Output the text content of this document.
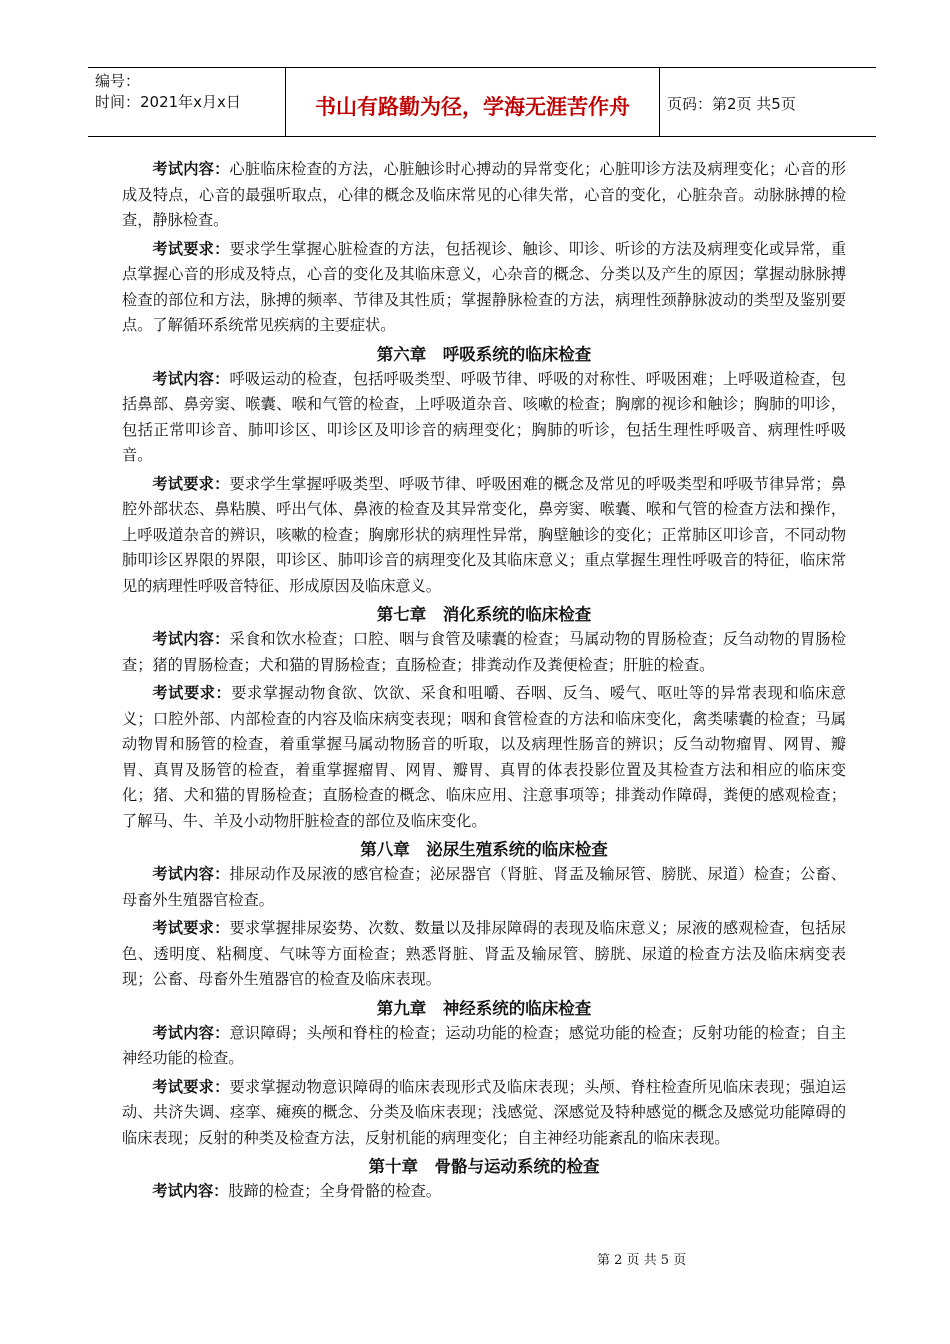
编号：
时间：2021年x月x日	书山有路勤为径，学海无涯苦作舟	页码：第2页 共5页

考试内容：心脏临床检查的方法，心脏触诊时心搏动的异常变化；心脏叩诊方法及病理变化；心音的形成及特点，心音的最强听取点，心律的概念及临床常见的心律失常，心音的变化，心脏杂音。动脉脉搏的检查，静脉检查。

考试要求：要求学生掌握心脏检查的方法，包括视诊、触诊、叩诊、听诊的方法及病理变化或异常，重点掌握心音的形成及特点，心音的变化及其临床意义，心杂音的概念、分类以及产生的原因；掌握动脉脉搏检查的部位和方法，脉搏的频率、节律及其性质；掌握静脉检查的方法，病理性颈静脉波动的类型及鉴别要点。了解循环系统常见疾病的主要症状。

第六章　呼吸系统的临床检查

考试内容：呼吸运动的检查，包括呼吸类型、呼吸节律、呼吸的对称性、呼吸困难；上呼吸道检查，包括鼻部、鼻旁窦、喉囊、喉和气管的检查，上呼吸道杂音、咳嗽的检查；胸廓的视诊和触诊；胸肺的叩诊，包括正常叩诊音、肺叩诊区、叩诊区及叩诊音的病理变化；胸肺的听诊，包括生理性呼吸音、病理性呼吸音。

考试要求：要求学生掌握呼吸类型、呼吸节律、呼吸困难的概念及常见的呼吸类型和呼吸节律异常；鼻腔外部状态、鼻粘膜、呼出气体、鼻液的检查及其异常变化，鼻旁窦、喉囊、喉和气管的检查方法和操作，上呼吸道杂音的辨识，咳嗽的检查；胸廓形状的病理性异常，胸壁触诊的变化；正常肺区叩诊音，不同动物肺叩诊区界限的界限，叩诊区、肺叩诊音的病理变化及其临床意义；重点掌握生理性呼吸音的特征，临床常见的病理性呼吸音特征、形成原因及临床意义。

第七章　消化系统的临床检查

考试内容：采食和饮水检查；口腔、咽与食管及嗉囊的检查；马属动物的胃肠检查；反刍动物的胃肠检查；猪的胃肠检查；犬和猫的胃肠检查；直肠检查；排粪动作及粪便检查；肝脏的检查。

考试要求：要求掌握动物食欲、饮欲、采食和咀嚼、吞咽、反刍、嗳气、呕吐等的异常表现和临床意义；口腔外部、内部检查的内容及临床病变表现；咽和食管检查的方法和临床变化，禽类嗉囊的检查；马属动物胃和肠管的检查，着重掌握马属动物肠音的听取，以及病理性肠音的辨识；反刍动物瘤胃、网胃、瓣胃、真胃及肠管的检查，着重掌握瘤胃、网胃、瓣胃、真胃的体表投影位置及其检查方法和相应的临床变化；猪、犬和猫的胃肠检查；直肠检查的概念、临床应用、注意事项等；排粪动作障碍，粪便的感观检查；了解马、牛、羊及小动物肝脏检查的部位及临床变化。

第八章　泌尿生殖系统的临床检查

考试内容：排尿动作及尿液的感官检查；泌尿器官（肾脏、肾盂及输尿管、膀胱、尿道）检查；公畜、母畜外生殖器官检查。

考试要求：要求掌握排尿姿势、次数、数量以及排尿障碍的表现及临床意义；尿液的感观检查，包括尿色、透明度、粘稠度、气味等方面检查；熟悉肾脏、肾盂及输尿管、膀胱、尿道的检查方法及临床病变表现；公畜、母畜外生殖器官的检查及临床表现。

第九章　神经系统的临床检查

考试内容：意识障碍；头颅和脊柱的检查；运动功能的检查；感觉功能的检查；反射功能的检查；自主神经功能的检查。

考试要求：要求掌握动物意识障碍的临床表现形式及临床表现；头颅、脊柱检查所见临床表现；强迫运动、共济失调、痉挛、瘫痪的概念、分类及临床表现；浅感觉、深感觉及特种感觉的概念及感觉功能障碍的临床表现；反射的种类及检查方法，反射机能的病理变化；自主神经功能紊乱的临床表现。

第十章　骨骼与运动系统的检查

考试内容：肢蹄的检查；全身骨骼的检查。

第 2 页 共 5 页
